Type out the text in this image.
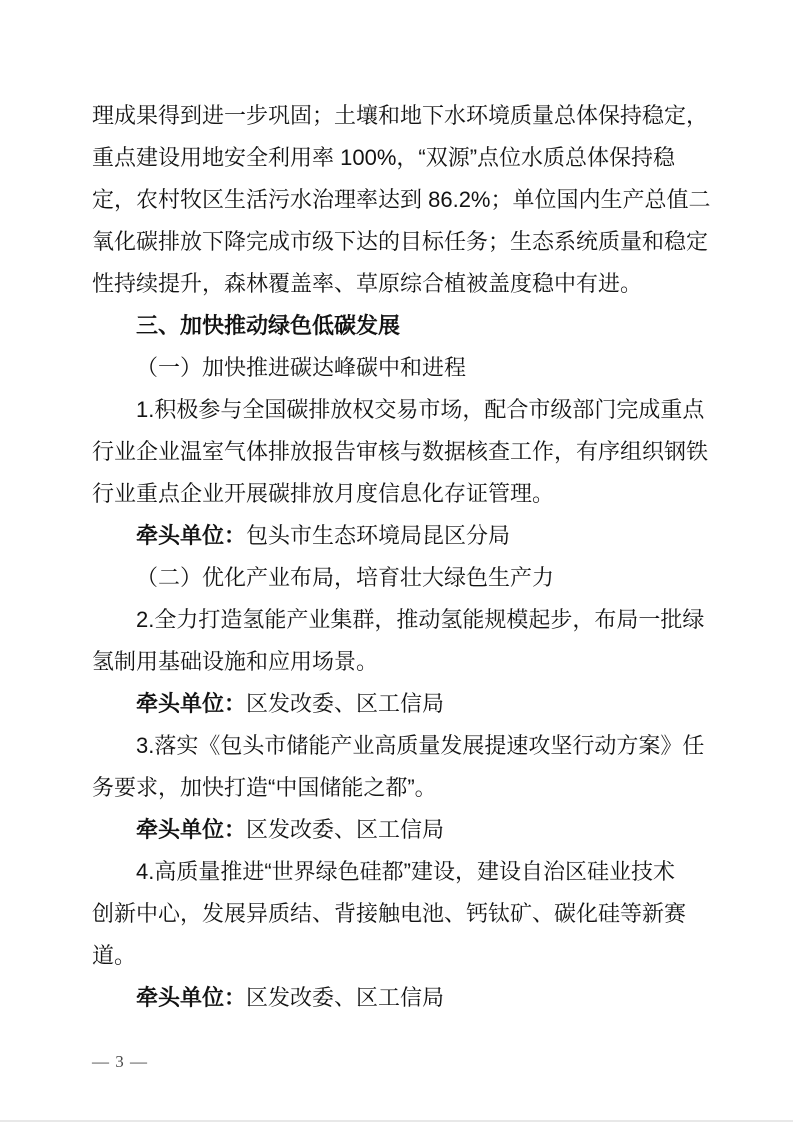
理成果得到进一步巩固；土壤和地下水环境质量总体保持稳定，
重点建设用地安全利用率 100%，“双源”点位水质总体保持稳
定，农村牧区生活污水治理率达到 86.2%；单位国内生产总值二
氧化碳排放下降完成市级下达的目标任务；生态系统质量和稳定
性持续提升，森林覆盖率、草原综合植被盖度稳中有进。
三、加快推动绿色低碳发展
（一）加快推进碳达峰碳中和进程
1.积极参与全国碳排放权交易市场，配合市级部门完成重点
行业企业温室气体排放报告审核与数据核查工作，有序组织钢铁
行业重点企业开展碳排放月度信息化存证管理。
牵头单位：包头市生态环境局昆区分局
（二）优化产业布局，培育壮大绿色生产力
2.全力打造氢能产业集群，推动氢能规模起步，布局一批绿
氢制用基础设施和应用场景。
牵头单位：区发改委、区工信局
3.落实《包头市储能产业高质量发展提速攻坚行动方案》任
务要求，加快打造“中国储能之都”。
牵头单位：区发改委、区工信局
4.高质量推进“世界绿色硅都”建设，建设自治区硅业技术
创新中心，发展异质结、背接触电池、钙钛矿、碳化硅等新赛
道。
牵头单位：区发改委、区工信局
— 3 —
